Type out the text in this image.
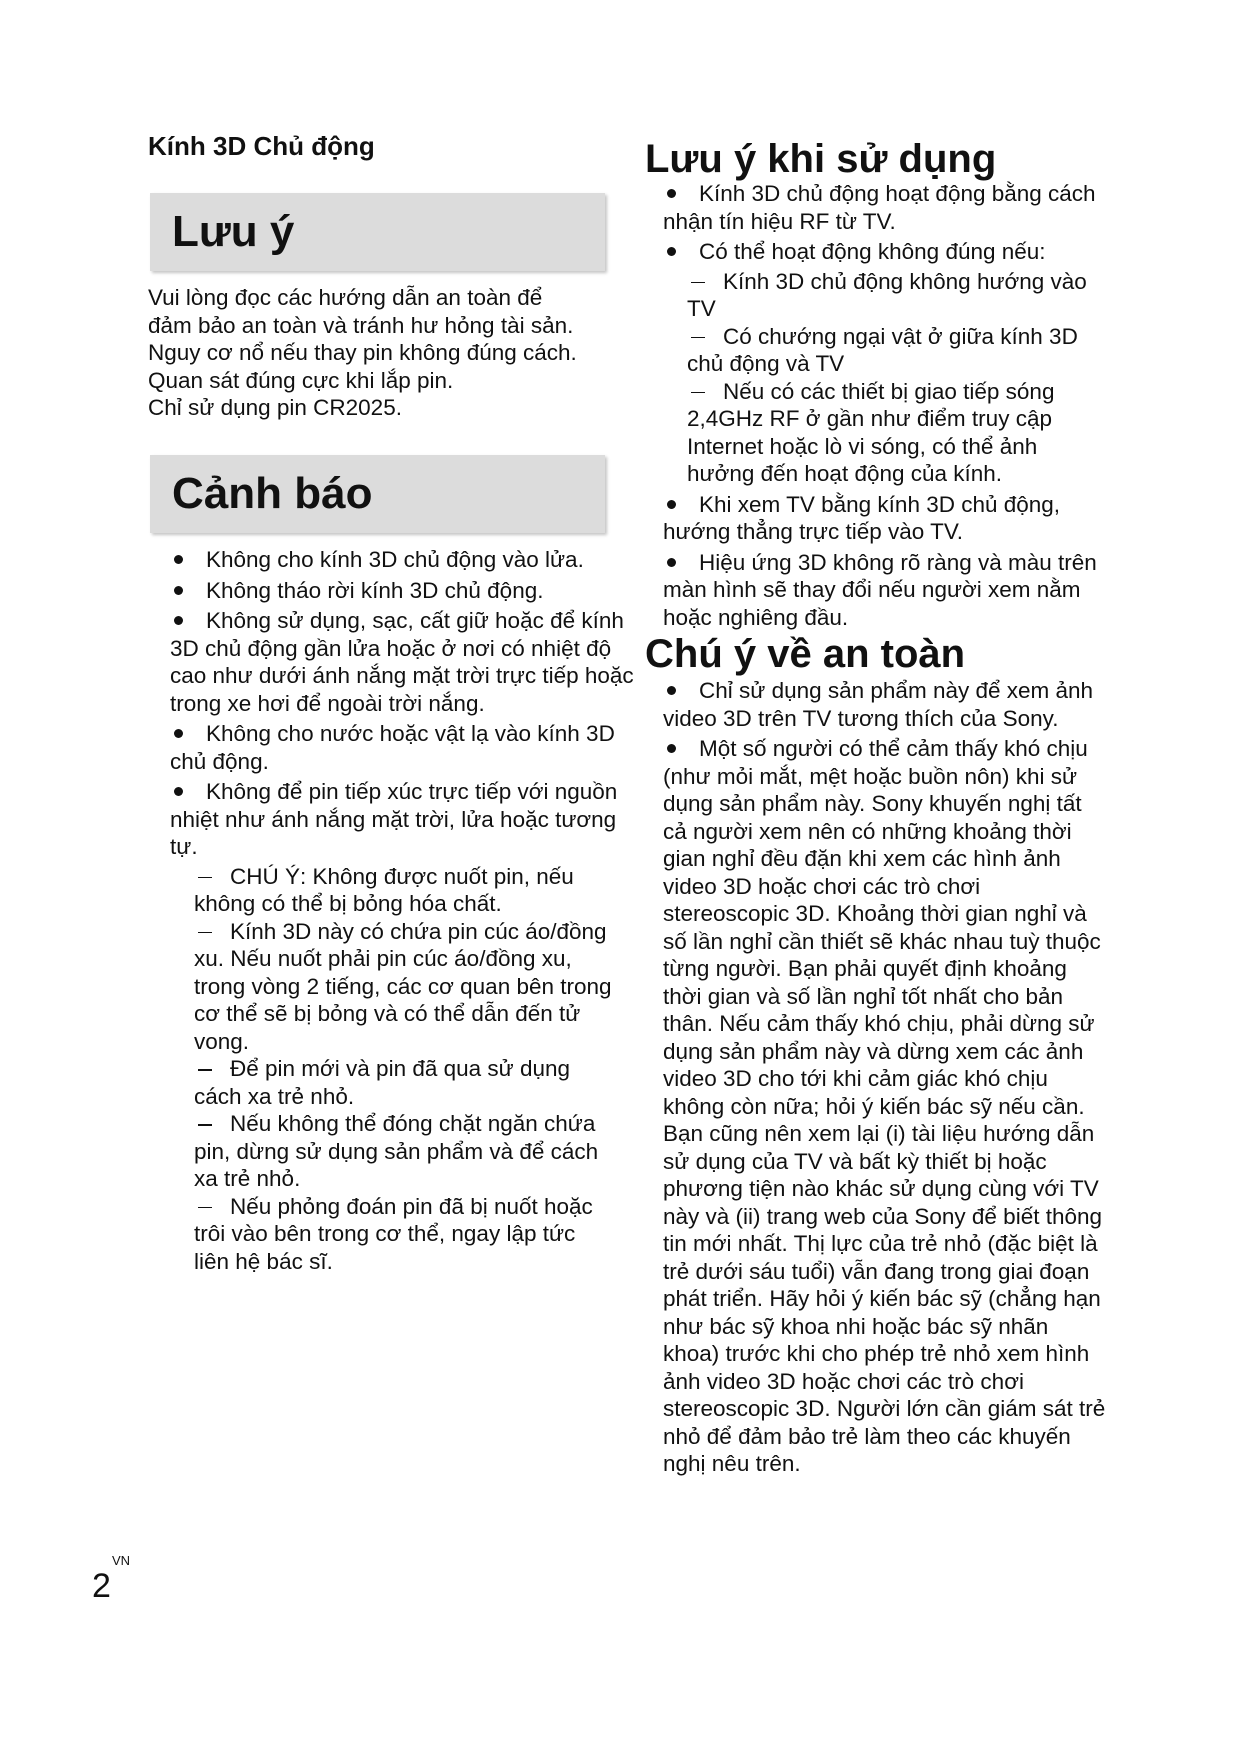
Kính 3D Chủ động
Lưu ý

Vui lòng đọc các hướng dẫn an toàn để
đảm bảo an toàn và tránh hư hỏng tài sản.
Nguy cơ nổ nếu thay pin không đúng cách.
Quan sát đúng cực khi lắp pin.
Chỉ sử dụng pin CR2025.

Cảnh báo
Không cho kính 3D chủ động vào lửa.
Không tháo rời kính 3D chủ động.
Không sử dụng, sạc, cất giữ hoặc để kính 3D chủ động gần lửa hoặc ở nơi có nhiệt độ cao như dưới ánh nắng mặt trời trực tiếp hoặc trong xe hơi để ngoài trời nắng.
Không cho nước hoặc vật lạ vào kính 3D chủ động.
Không để pin tiếp xúc trực tiếp với nguồn nhiệt như ánh nắng mặt trời, lửa hoặc tương tự.
CHÚ Ý: Không được nuốt pin, nếu không có thể bị bỏng hóa chất.
Kính 3D này có chứa pin cúc áo/đồng xu. Nếu nuốt phải pin cúc áo/đồng xu, trong vòng 2 tiếng, các cơ quan bên trong cơ thể sẽ bị bỏng và có thể dẫn đến tử vong.
Để pin mới và pin đã qua sử dụng cách xa trẻ nhỏ.
Nếu không thể đóng chặt ngăn chứa pin, dừng sử dụng sản phẩm và để cách xa trẻ nhỏ.
Nếu phỏng đoán pin đã bị nuốt hoặc trôi vào bên trong cơ thể, ngay lập tức liên hệ bác sĩ.
Lưu ý khi sử dụng
Kính 3D chủ động hoạt động bằng cách nhận tín hiệu RF từ TV.
Có thể hoạt động không đúng nếu:
Kính 3D chủ động không hướng vào TV
Có chướng ngại vật ở giữa kính 3D chủ động và TV
Nếu có các thiết bị giao tiếp sóng 2,4GHz RF ở gần như điểm truy cập Internet hoặc lò vi sóng, có thể ảnh hưởng đến hoạt động của kính.
Khi xem TV bằng kính 3D chủ động, hướng thẳng trực tiếp vào TV.
Hiệu ứng 3D không rõ ràng và màu trên màn hình sẽ thay đổi nếu người xem nằm hoặc nghiêng đầu.
Chú ý về an toàn
Chỉ sử dụng sản phẩm này để xem ảnh video 3D trên TV tương thích của Sony.
Một số người có thể cảm thấy khó chịu (như mỏi mắt, mệt hoặc buồn nôn) khi sử dụng sản phẩm này. Sony khuyến nghị tất cả người xem nên có những khoảng thời gian nghỉ đều đặn khi xem các hình ảnh video 3D hoặc chơi các trò chơi stereoscopic 3D. Khoảng thời gian nghỉ và số lần nghỉ cần thiết sẽ khác nhau tuỳ thuộc từng người. Bạn phải quyết định khoảng thời gian và số lần nghỉ tốt nhất cho bản thân. Nếu cảm thấy khó chịu, phải dừng sử dụng sản phẩm này và dừng xem các ảnh video 3D cho tới khi cảm giác khó chịu không còn nữa; hỏi ý kiến bác sỹ nếu cần. Bạn cũng nên xem lại (i) tài liệu hướng dẫn sử dụng của TV và bất kỳ thiết bị hoặc phương tiện nào khác sử dụng cùng với TV này và (ii) trang web của Sony để biết thông tin mới nhất. Thị lực của trẻ nhỏ (đặc biệt là trẻ dưới sáu tuổi) vẫn đang trong giai đoạn phát triển. Hãy hỏi ý kiến bác sỹ (chẳng hạn như bác sỹ khoa nhi hoặc bác sỹ nhãn khoa) trước khi cho phép trẻ nhỏ xem hình ảnh video 3D hoặc chơi các trò chơi stereoscopic 3D. Người lớn cần giám sát trẻ nhỏ để đảm bảo trẻ làm theo các khuyến nghị nêu trên.

VN

2
